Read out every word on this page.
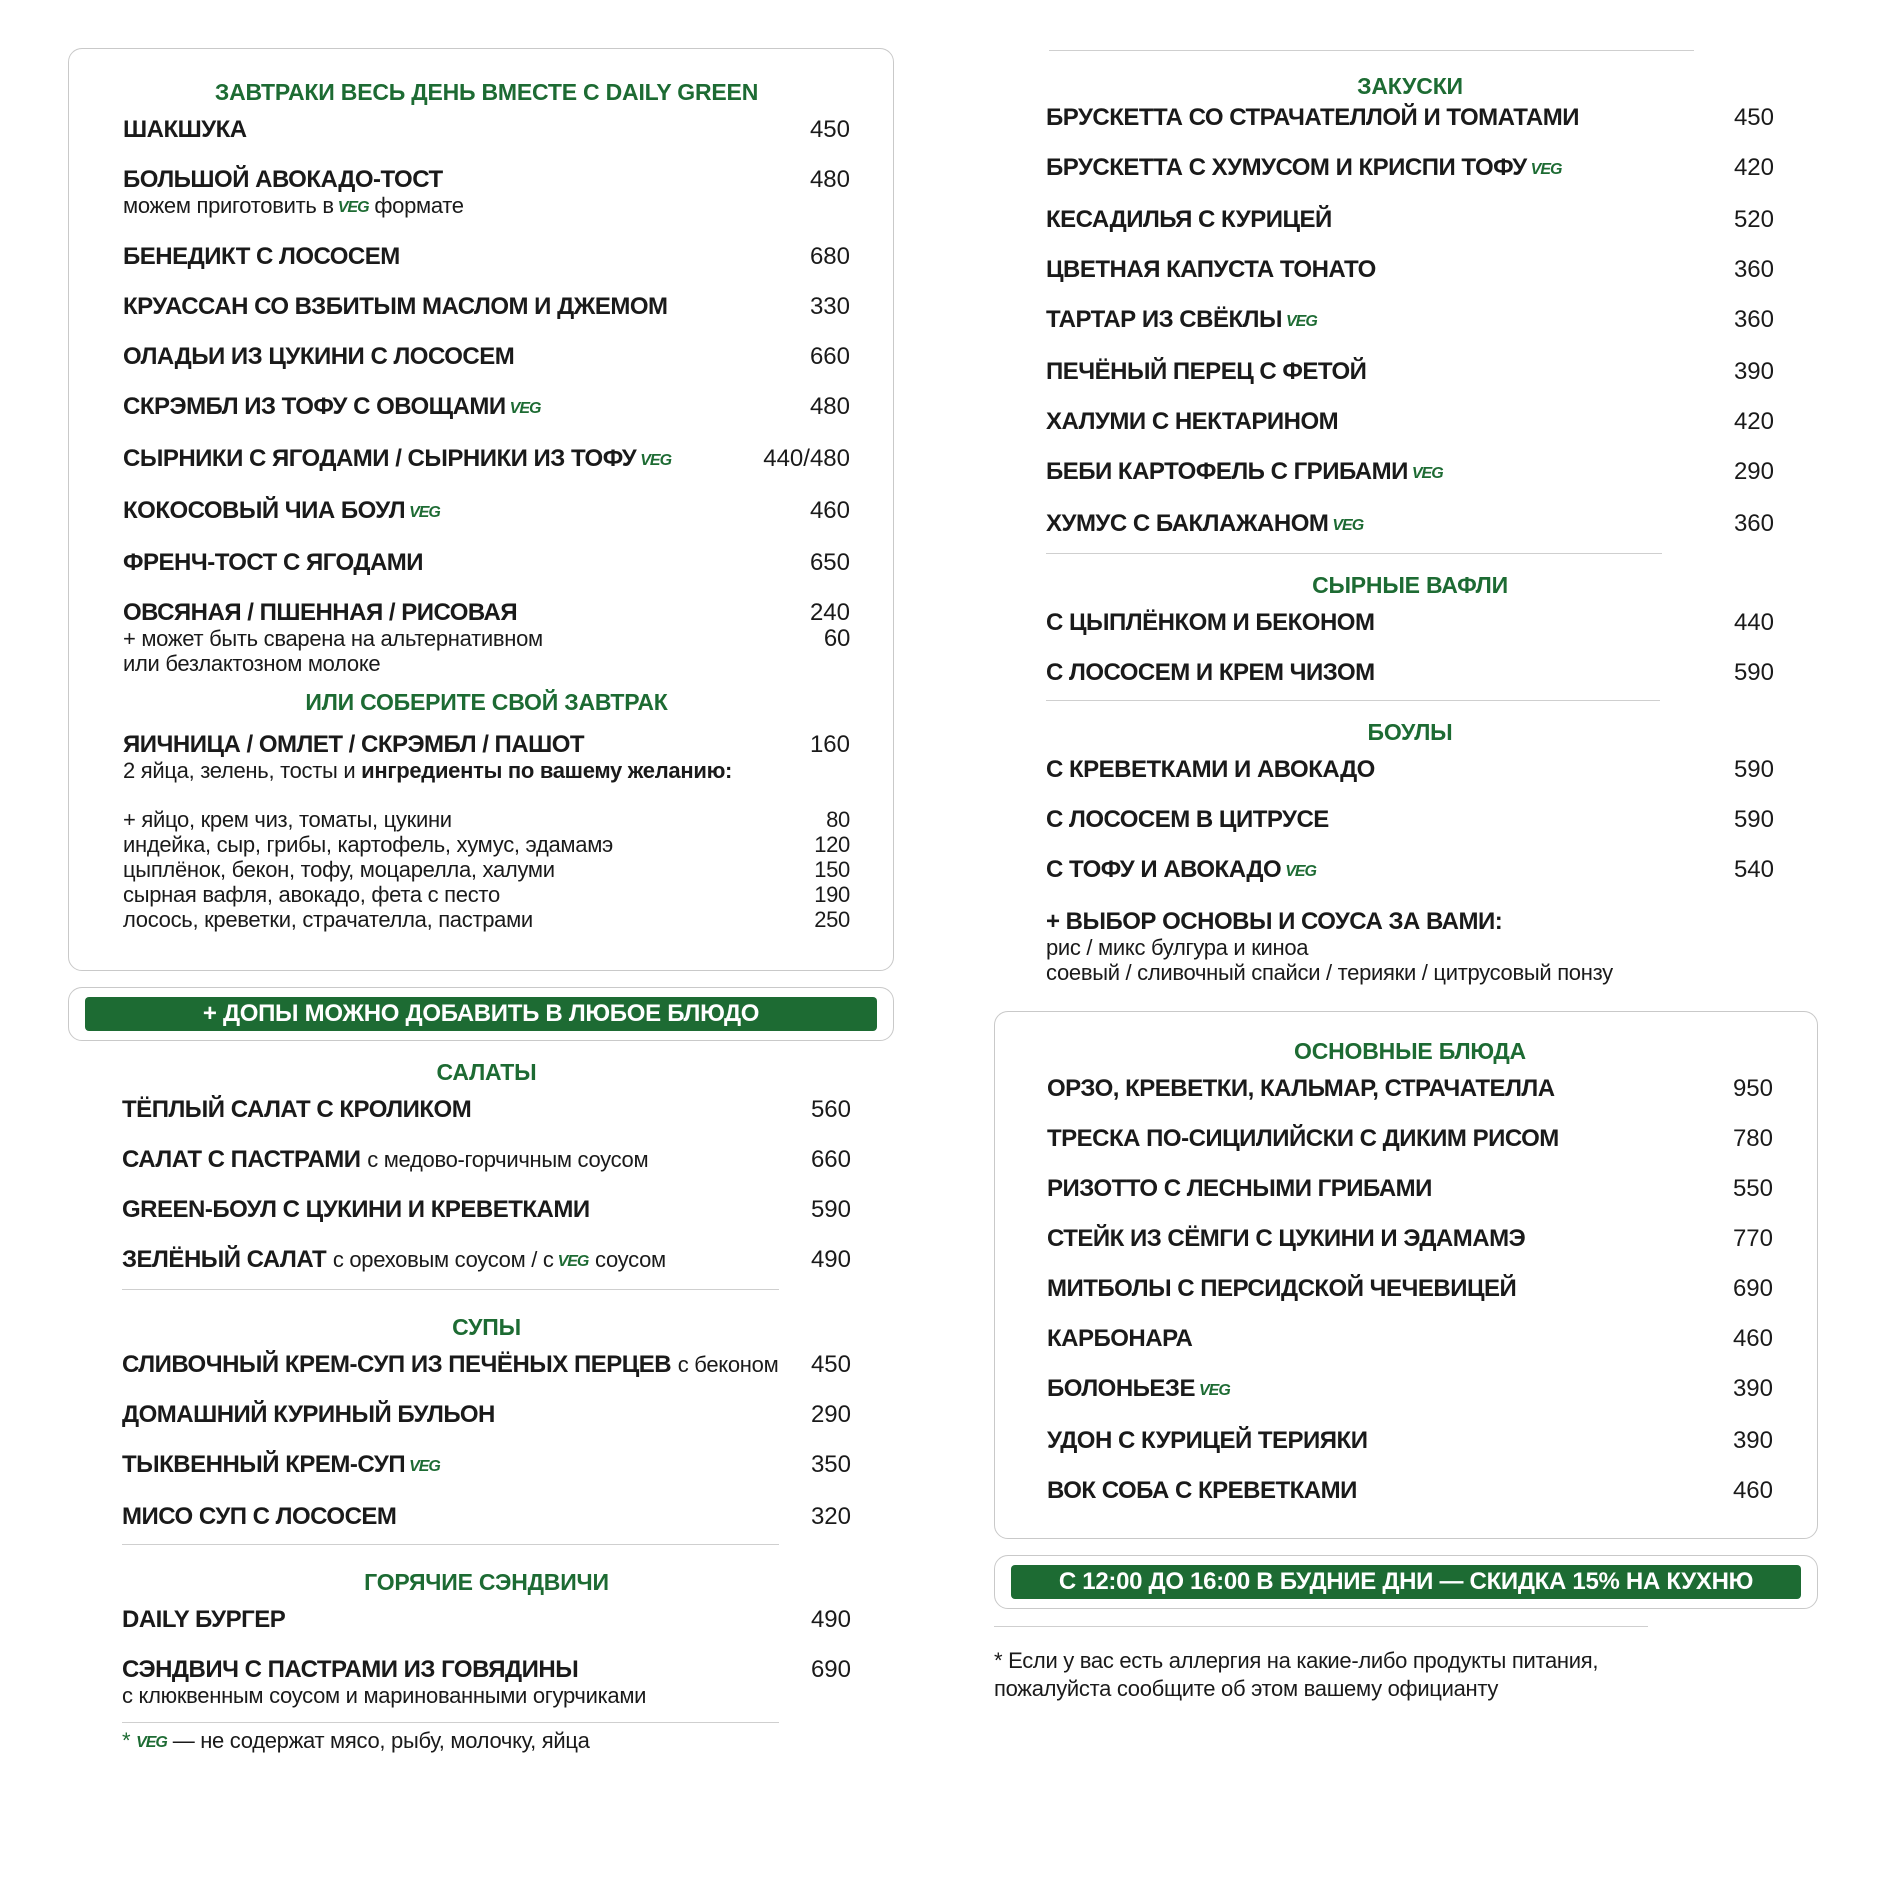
ЗАВТРАКИ ВЕСЬ ДЕНЬ ВМЕСТЕ С DAILY GREEN
ШАКШУКА	450
БОЛЬШОЙ АВОКАДО-ТОСТ	480
можем приготовить в VEG формате
БЕНЕДИКТ С ЛОСОСЕМ	680
КРУАССАН СО ВЗБИТЫМ МАСЛОМ И ДЖЕМОМ	330
ОЛАДЬИ ИЗ ЦУКИНИ С ЛОСОСЕМ	660
СКРЭМБЛ ИЗ ТОФУ С ОВОЩАМИ VEG	480
СЫРНИКИ С ЯГОДАМИ / СЫРНИКИ ИЗ ТОФУ VEG	440/480
КОКОСОВЫЙ ЧИА БОУЛ VEG	460
ФРЕНЧ-ТОСТ С ЯГОДАМИ	650
ОВСЯНАЯ / ПШЕННАЯ / РИСОВАЯ	240
+ может быть сварена на альтернативном	60
или безлактозном молоке
ИЛИ СОБЕРИТЕ СВОЙ ЗАВТРАК
ЯИЧНИЦА / ОМЛЕТ / СКРЭМБЛ / ПАШОТ	160
2 яйца, зелень, тосты и ингредиенты по вашему желанию:
+ яйцо, крем чиз, томаты, цукини	80
индейка, сыр, грибы, картофель, хумус, эдамамэ	120
цыплёнок, бекон, тофу, моцарелла, халуми	150
сырная вафля, авокадо, фета с песто	190
лосось, креветки, страчателла, пастрами	250
+ ДОПЫ МОЖНО ДОБАВИТЬ В ЛЮБОЕ БЛЮДО
САЛАТЫ
ТЁПЛЫЙ САЛАТ С КРОЛИКОМ	560
САЛАТ С ПАСТРАМИ с медово-горчичным соусом	660
GREEN-БОУЛ С ЦУКИНИ И КРЕВЕТКАМИ	590
ЗЕЛЁНЫЙ САЛАТ с ореховым соусом / с VEG соусом	490
СУПЫ
СЛИВОЧНЫЙ КРЕМ-СУП ИЗ ПЕЧЁНЫХ ПЕРЦЕВ с беконом 450
ДОМАШНИЙ КУРИНЫЙ БУЛЬОН	290
ТЫКВЕННЫЙ КРЕМ-СУП VEG	350
МИСО СУП С ЛОСОСЕМ	320
ГОРЯЧИЕ СЭНДВИЧИ
DAILY БУРГЕР	490
СЭНДВИЧ С ПАСТРАМИ ИЗ ГОВЯДИНЫ	690
с клюквенным соусом и маринованными огурчиками
* VEG — не содержат мясо, рыбу, молочку, яйца
ЗАКУСКИ
БРУСКЕТТА СО СТРАЧАТЕЛЛОЙ И ТОМАТАМИ	450
БРУСКЕТТА С ХУМУСОМ И КРИСПИ ТОФУ VEG	420
КЕСАДИЛЬЯ С КУРИЦЕЙ	520
ЦВЕТНАЯ КАПУСТА ТОНАТО	360
ТАРТАР ИЗ СВЁКЛЫ VEG	360
ПЕЧЁНЫЙ ПЕРЕЦ С ФЕТОЙ	390
ХАЛУМИ С НЕКТАРИНОМ	420
БЕБИ КАРТОФЕЛЬ С ГРИБАМИ VEG	290
ХУМУС С БАКЛАЖАНОМ VEG	360
СЫРНЫЕ ВАФЛИ
С ЦЫПЛЁНКОМ И БЕКОНОМ	440
С ЛОСОСЕМ И КРЕМ ЧИЗОМ	590
БОУЛЫ
С КРЕВЕТКАМИ И АВОКАДО	590
С ЛОСОСЕМ В ЦИТРУСЕ	590
С ТОФУ И АВОКАДО VEG	540
+ ВЫБОР ОСНОВЫ И СОУСА ЗА ВАМИ:
рис / микс булгура и киноа
соевый / сливочный спайси / терияки / цитрусовый понзу
ОСНОВНЫЕ БЛЮДА
ОРЗО, КРЕВЕТКИ, КАЛЬМАР, СТРАЧАТЕЛЛА	950
ТРЕСКА ПО-СИЦИЛИЙСКИ С ДИКИМ РИСОМ	780
РИЗОТТО С ЛЕСНЫМИ ГРИБАМИ	550
СТЕЙК ИЗ СЁМГИ С ЦУКИНИ И ЭДАМАМЭ	770
МИТБОЛЫ С ПЕРСИДСКОЙ ЧЕЧЕВИЦЕЙ	690
КАРБОНАРА	460
БОЛОНЬЕЗЕ VEG	390
УДОН С КУРИЦЕЙ ТЕРИЯКИ	390
ВОК СОБА С КРЕВЕТКАМИ	460
С 12:00 ДО 16:00 В БУДНИЕ ДНИ — СКИДКА 15% НА КУХНЮ
* Если у вас есть аллергия на какие-либо продукты питания,
пожалуйста сообщите об этом вашему официанту
